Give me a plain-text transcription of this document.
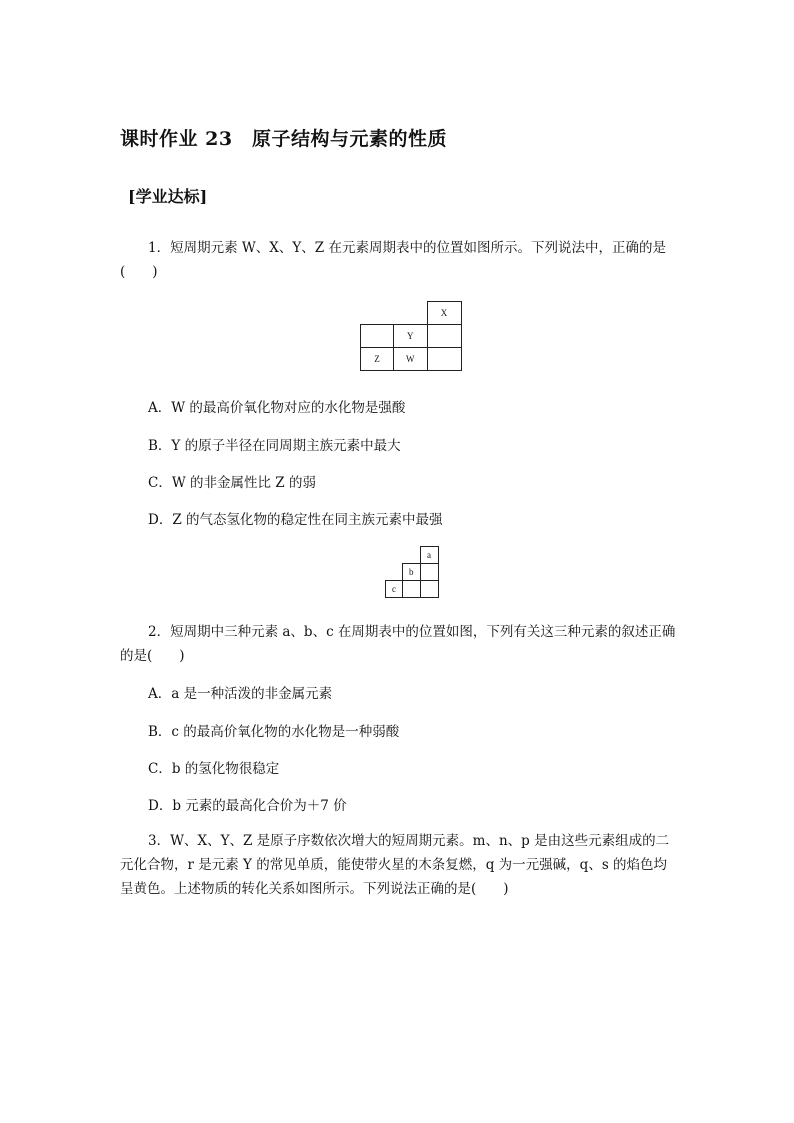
课时作业 23　原子结构与元素的性质
[学业达标]
1．短周期元素 W、X、Y、Z 在元素周期表中的位置如图所示。下列说法中，正确的是(　　)
		X
	Y	
Z	W	
A．W 的最高价氧化物对应的水化物是强酸
B．Y 的原子半径在同周期主族元素中最大
C．W 的非金属性比 Z 的弱
D．Z 的气态氢化物的稳定性在同主族元素中最强
		a
	b	
c		
2．短周期中三种元素 a、b、c 在周期表中的位置如图，下列有关这三种元素的叙述正确的是(　　)
A．a 是一种活泼的非金属元素
B．c 的最高价氧化物的水化物是一种弱酸
C．b 的氢化物很稳定
D．b 元素的最高化合价为＋7 价
3．W、X、Y、Z 是原子序数依次增大的短周期元素。m、n、p 是由这些元素组成的二元化合物，r 是元素 Y 的常见单质，能使带火星的木条复燃，q 为一元强碱，q、s 的焰色均呈黄色。上述物质的转化关系如图所示。下列说法正确的是(　　)
